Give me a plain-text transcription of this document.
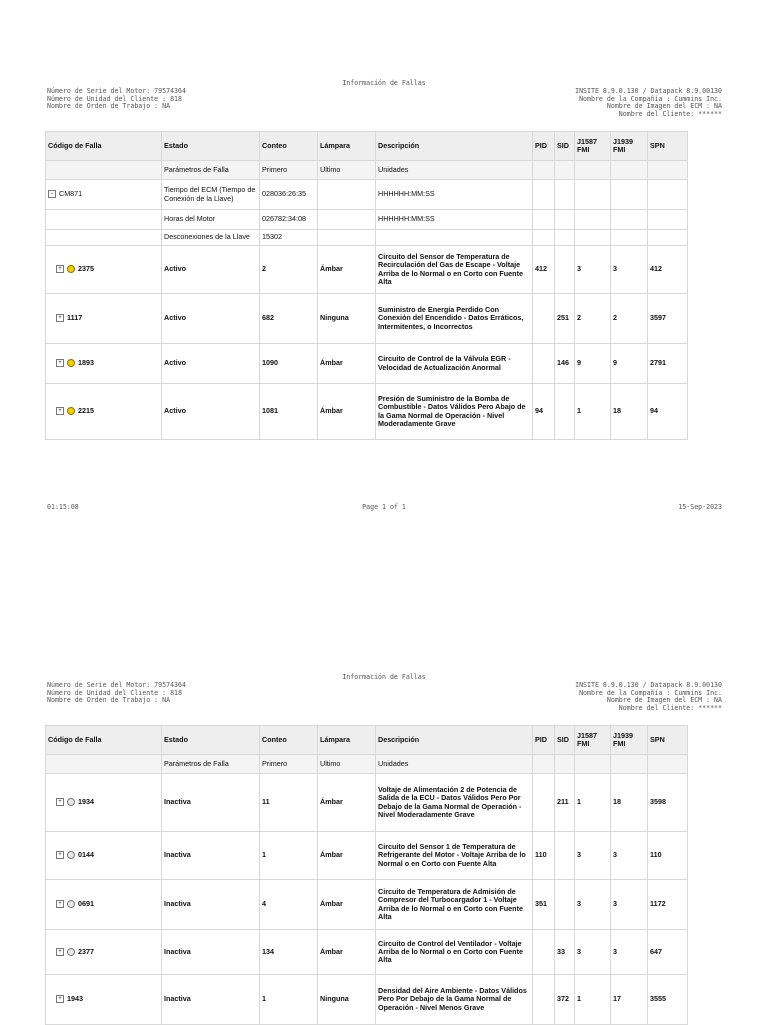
Información de Fallas
Número de Serie del Motor: 79574364
Número de Unidad del Cliente : 818
Nombre de Orden de Trabajo : NA
INSITE 8.9.0.130 / Datapack 8.9.00130
Nombre de la Compañía : Cummins Inc.
Nombre de Imagen del ECM : NA
Nombre del Cliente: ******
Código de Falla	Estado	Conteo	Lámpara	Descripción	PID	SID	J1587 FMI	J1939 FMI	SPN
	Parámetros de Falla	Primero	Ultimo	Unidades					
− CM871	Tiempo del ECM (Tiempo de Conexión de la Llave)	028036:26:35		HHHHHH:MM:SS					
	Horas del Motor	026782:34:08		HHHHHH:MM:SS					
	Desconexiones de la Llave	15302							
+ 2375	Activo	2	Ámbar	Circuito del Sensor de Temperatura de Recirculación del Gas de Escape - Voltaje Arriba de lo Normal o en Corto con Fuente Alta	412		3	3	412
+ 1117	Activo	682	Ninguna	Suministro de Energía Perdido Con Conexión del Encendido - Datos Erráticos, Intermitentes, o Incorrectos		251	2	2	3597
+ 1893	Activo	1090	Ámbar	Circuito de Control de la Válvula EGR - Velocidad de Actualización Anormal		146	9	9	2791
+ 2215	Activo	1081	Ámbar	Presión de Suministro de la Bomba de Combustible - Datos Válidos Pero Abajo de la Gama Normal de Operación - Nivel Moderadamente Grave	94		1	18	94
01:15:08	Page 1 of 1	15-Sep-2023
Información de Fallas
Número de Serie del Motor: 79574364
Número de Unidad del Cliente : 818
Nombre de Orden de Trabajo : NA
INSITE 8.9.0.130 / Datapack 8.9.00130
Nombre de la Compañía : Cummins Inc.
Nombre de Imagen del ECM : NA
Nombre del Cliente: ******
Código de Falla	Estado	Conteo	Lámpara	Descripción	PID	SID	J1587 FMI	J1939 FMI	SPN
	Parámetros de Falla	Primero	Ultimo	Unidades					
+ 1934	Inactiva	11	Ámbar	Voltaje de Alimentación 2 de Potencia de Salida de la ECU - Datos Válidos Pero Por Debajo de la Gama Normal de Operación - Nivel Moderadamente Grave		211	1	18	3598
+ 0144	Inactiva	1	Ámbar	Circuito del Sensor 1 de Temperatura de Refrigerante del Motor - Voltaje Arriba de lo Normal o en Corto con Fuente Alta	110		3	3	110
+ 0691	Inactiva	4	Ámbar	Circuito de Temperatura de Admisión de Compresor del Turbocargador 1 - Voltaje Arriba de lo Normal o en Corto con Fuente Alta	351		3	3	1172
+ 2377	Inactiva	134	Ámbar	Circuito de Control del Ventilador - Voltaje Arriba de lo Normal o en Corto con Fuente Alta		33	3	3	647
+ 1943	Inactiva	1	Ninguna	Densidad del Aire Ambiente - Datos Válidos Pero Por Debajo de la Gama Normal de Operación - Nivel Menos Grave		372	1	17	3555
